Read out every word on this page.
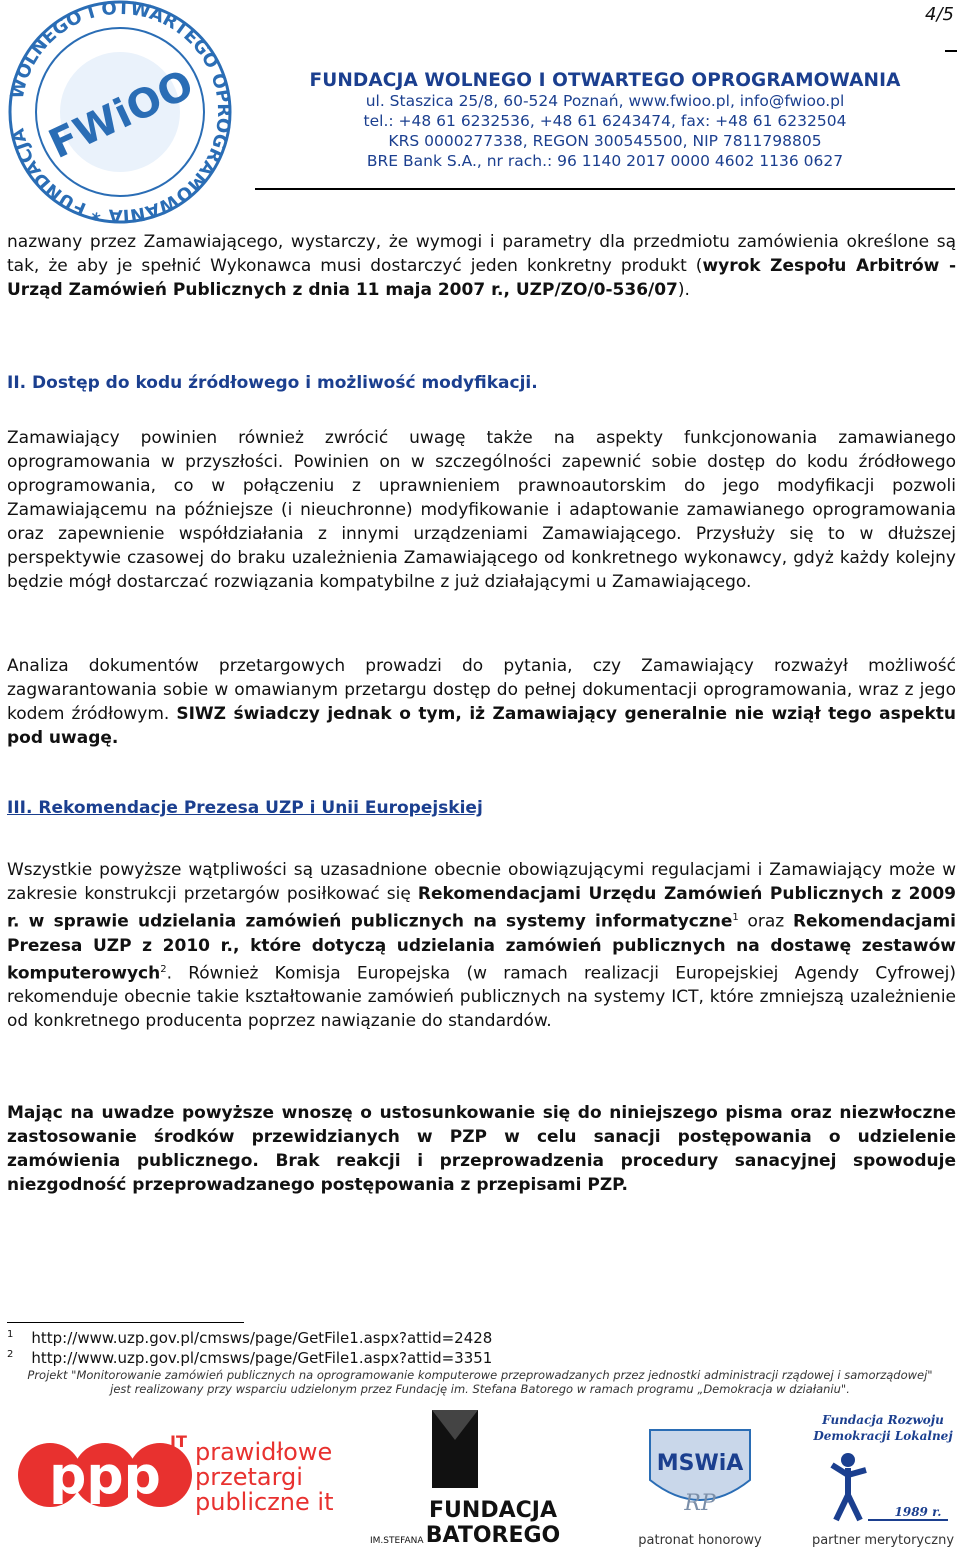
4/5
WOLNEGO I OTWARTEGO OPROGRAMOWANIA * FUNDACJA FWiOO	FUNDACJA WOLNEGO I OTWARTEGO OPROGRAMOWANIA
ul. Staszica 25/8, 60-524 Poznań, www.fwioo.pl, info@fwioo.pl
tel.: +48 61 6232536, +48 61 6243474, fax: +48 61 6232504
KRS 0000277338, REGON 300545500, NIP 7811798805
BRE Bank S.A., nr rach.: 96 1140 2017 0000 4602 1136 0627

nazwany przez Zamawiającego, wystarczy, że wymogi i parametry dla przedmiotu zamówienia określone są tak, że aby je spełnić Wykonawca musi dostarczyć jeden konkretny produkt (wyrok Zespołu Arbitrów - Urząd Zamówień Publicznych z dnia 11 maja 2007 r., UZP/ZO/0-536/07).

II. Dostęp do kodu źródłowego i możliwość modyfikacji.

Zamawiający powinien również zwrócić uwagę także na aspekty funkcjonowania zamawianego oprogramowania w przyszłości. Powinien on w szczególności zapewnić sobie dostęp do kodu źródłowego oprogramowania, co w połączeniu z uprawnieniem prawnoautorskim do jego modyfikacji pozwoli Zamawiającemu na późniejsze (i nieuchronne) modyfikowanie i adaptowanie zamawianego oprogramowania oraz zapewnienie współdziałania z innymi urządzeniami Zamawiającego. Przysłuży się to w dłuższej perspektywie czasowej do braku uzależnienia Zamawiającego od konkretnego wykonawcy, gdyż każdy kolejny będzie mógł dostarczać rozwiązania kompatybilne z już działającymi u Zamawiającego.

Analiza dokumentów przetargowych prowadzi do pytania, czy Zamawiający rozważył możliwość zagwarantowania sobie w omawianym przetargu dostęp do pełnej dokumentacji oprogramowania, wraz z jego kodem źródłowym. SIWZ świadczy jednak o tym, iż Zamawiający generalnie nie wziął tego aspektu pod uwagę.

III. Rekomendacje Prezesa UZP i Unii Europejskiej

Wszystkie powyższe wątpliwości są uzasadnione obecnie obowiązującymi regulacjami i Zamawiający może w zakresie konstrukcji przetargów posiłkować się Rekomendacjami Urzędu Zamówień Publicznych z 2009 r. w sprawie udzielania zamówień publicznych na systemy informatyczne$^1$ oraz Rekomendacjami Prezesa UZP z 2010 r., które dotyczą udzielania zamówień publicznych na dostawę zestawów komputerowych$^2$. Również Komisja Europejska (w ramach realizacji Europejskiej Agendy Cyfrowej) rekomenduje obecnie takie kształtowanie zamówień publicznych na systemy ICT, które zmniejszą uzależnienie od konkretnego producenta poprzez nawiązanie do standardów.

Mając na uwadze powyższe wnoszę o ustosunkowanie się do niniejszego pisma oraz niezwłoczne zastosowanie środków przewidzianych w PZP w celu sanacji postępowania o udzielenie zamówienia publicznego. Brak reakcji i przeprowadzenia procedury sanacyjnej spowoduje niezgodność przeprowadzanego postępowania z przepisami PZP.
$^1$ http://www.uzp.gov.pl/cmsws/page/GetFile1.aspx?attid=2428
$^2$ http://www.uzp.gov.pl/cmsws/page/GetFile1.aspx?attid=3351
Projekt "Monitorowanie zamówień publicznych na oprogramowanie komputerowe przeprowadzanych przez jednostki administracji rządowej i samorządowej"
jest realizowany przy wsparciu udzielonym przez Fundację im. Stefana Batorego w ramach programu „Demokracja w działaniu".
ppp
IT prawidłowe
przetargi
publiczne it	FUNDACJA
BATOREGO
IM.STEFANA
MSWiA
RP
patronat honorowy
Fundacja Rozwoju
Demokracji Lokalnej
1989 r.
partner merytoryczny
